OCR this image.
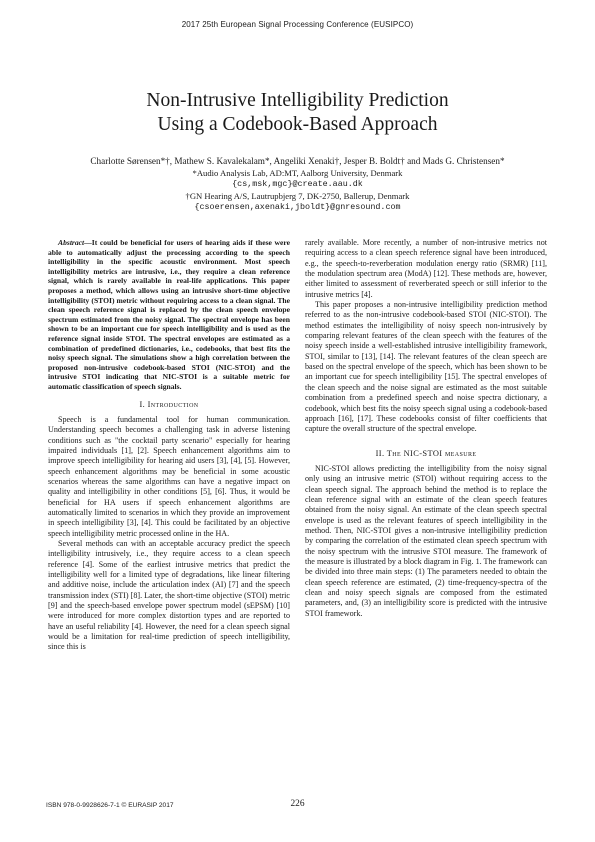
2017 25th European Signal Processing Conference (EUSIPCO)
Non-Intrusive Intelligibility Prediction
Using a Codebook-Based Approach
Charlotte Sørensen*†, Mathew S. Kavalekalam*, Angeliki Xenaki†, Jesper B. Boldt† and Mads G. Christensen*
*Audio Analysis Lab, AD:MT, Aalborg University, Denmark
{cs,msk,mgc}@create.aau.dk
†GN Hearing A/S, Lautrupbjerg 7, DK-2750, Ballerup, Denmark
{csoerensen,axenaki,jboldt}@gnresound.com

Abstract—It could be beneficial for users of hearing aids if these were able to automatically adjust the processing according to the speech intelligibility in the specific acoustic environment. Most speech intelligibility metrics are intrusive, i.e., they require a clean reference signal, which is rarely available in real-life applications. This paper proposes a method, which allows using an intrusive short-time objective intelligibility (STOI) metric without requiring access to a clean signal. The clean speech reference signal is replaced by the clean speech envelope spectrum estimated from the noisy signal. The spectral envelope has been shown to be an important cue for speech intelligibility and is used as the reference signal inside STOI. The spectral envelopes are estimated as a combination of predefined dictionaries, i.e., codebooks, that best fits the noisy speech signal. The simulations show a high correlation between the proposed non-intrusive codebook-based STOI (NIC-STOI) and the intrusive STOI indicating that NIC-STOI is a suitable metric for automatic classification of speech signals.

I. Introduction

Speech is a fundamental tool for human communication. Understanding speech becomes a challenging task in adverse listening conditions such as "the cocktail party scenario" especially for hearing impaired individuals [1], [2]. Speech enhancement algorithms aim to improve speech intelligibility for hearing aid users [3], [4], [5]. However, speech enhancement algorithms may be beneficial in some acoustic scenarios whereas the same algorithms can have a negative impact on quality and intelligibility in other conditions [5], [6]. Thus, it would be beneficial for HA users if speech enhancement algorithms are automatically limited to scenarios in which they provide an improvement in speech intelligibility [3], [4]. This could be facilitated by an objective speech intelligibility metric processed online in the HA.

Several methods can with an acceptable accuracy predict the speech intelligibility intrusively, i.e., they require access to a clean speech reference [4]. Some of the earliest intrusive metrics that predict the intelligibility well for a limited type of degradations, like linear filtering and additive noise, include the articulation index (AI) [7] and the speech transmission index (STI) [8]. Later, the short-time objective (STOI) metric [9] and the speech-based envelope power spectrum model (sEPSM) [10] were introduced for more complex distortion types and are reported to have an useful reliability [4]. However, the need for a clean speech signal would be a limitation for real-time prediction of speech intelligibility, since this is

rarely available. More recently, a number of non-intrusive metrics not requiring access to a clean speech reference signal have been introduced, e.g., the speech-to-reverberation modulation energy ratio (SRMR) [11], the modulation spectrum area (ModA) [12]. These methods are, however, either limited to assessment of reverberated speech or still inferior to the intrusive metrics [4].

This paper proposes a non-intrusive intelligibility prediction method referred to as the non-intrusive codebook-based STOI (NIC-STOI). The method estimates the intelligibility of noisy speech non-intrusively by comparing relevant features of the clean speech with the features of the noisy speech inside a well-established intrusive intelligibility framework, STOI, similar to [13], [14]. The relevant features of the clean speech are based on the spectral envelope of the speech, which has been shown to be an important cue for speech intelligibility [15]. The spectral envelopes of the clean speech and the noise signal are estimated as the most suitable combination from a predefined speech and noise spectra dictionary, a codebook, which best fits the noisy speech signal using a codebook-based approach [16], [17]. These codebooks consist of filter coefficients that capture the overall structure of the spectral envelope.

II. The NIC-STOI measure

NIC-STOI allows predicting the intelligibility from the noisy signal only using an intrusive metric (STOI) without requiring access to the clean speech signal. The approach behind the method is to replace the clean reference signal with an estimate of the clean speech features obtained from the noisy signal. An estimate of the clean speech spectral envelope is used as the relevant features of speech intelligibility in the method. Then, NIC-STOI gives a non-intrusive intelligibility prediction by comparing the correlation of the estimated clean speech spectrum with the noisy spectrum with the intrusive STOI measure. The framework of the measure is illustrated by a block diagram in Fig. 1. The framework can be divided into three main steps: (1) The parameters needed to obtain the clean speech reference are estimated, (2) time-frequency-spectra of the clean and noisy speech signals are composed from the estimated parameters, and, (3) an intelligibility score is predicted with the intrusive STOI framework.

ISBN 978-0-9928626-7-1 © EURASIP 2017	226
